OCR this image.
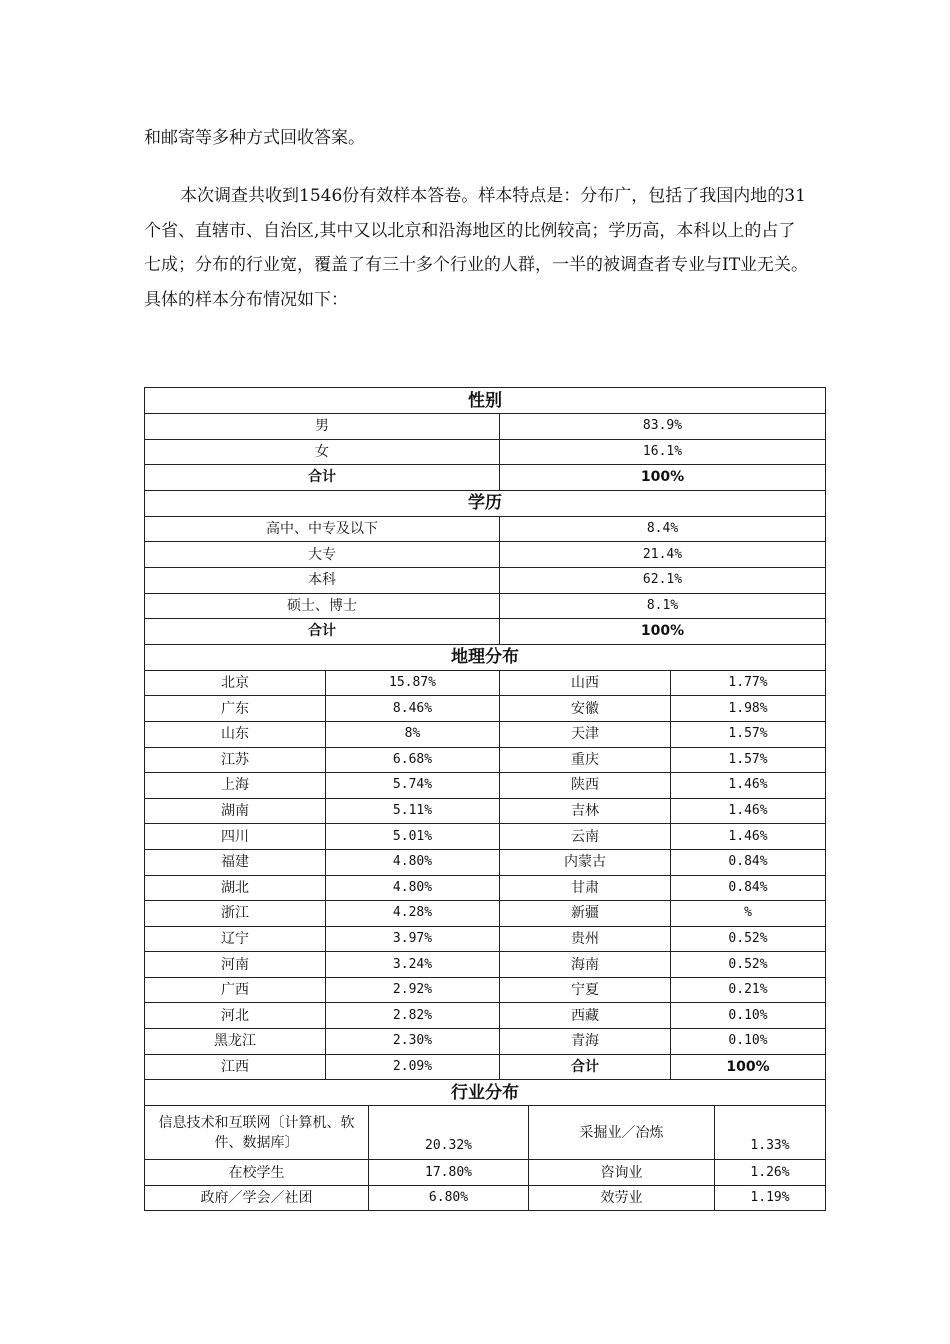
和邮寄等多种方式回收答案。
本次调查共收到1546份有效样本答卷。样本特点是：分布广，包括了我国内地的31个省、直辖市、自治区,其中又以北京和沿海地区的比例较高；学历高，本科以上的占了七成；分布的行业宽，覆盖了有三十多个行业的人群，一半的被调查者专业与IT业无关。具体的样本分布情况如下：
性别						
男			83.9%			
女			16.1%			
合计			100%			
学历						
高中、中专及以下			8.4%			
大专			21.4%			
本科			62.1%			
硕士、博士			8.1%			
合计			100%			
地理分布						
北京	15.87%		山西		1.77%	
广东	8.46%		安徽		1.98%	
山东	8%		天津		1.57%	
江苏	6.68%		重庆		1.57%	
上海	5.74%		陕西		1.46%	
湖南	5.11%		吉林		1.46%	
四川	5.01%		云南		1.46%	
福建	4.80%		内蒙古		0.84%	
湖北	4.80%		甘肃		0.84%	
浙江	4.28%		新疆		%	
辽宁	3.97%		贵州		0.52%	
河南	3.24%		海南		0.52%	
广西	2.92%		宁夏		0.21%	
河北	2.82%		西藏		0.10%	
黑龙江	2.30%		青海		0.10%	
江西	2.09%		合计		100%	
行业分布						
信息技术和互联网〔计算机、软件、数据库〕		20.32%		采掘业／冶炼		1.33%
在校学生		17.80%		咨询业		1.26%
政府／学会／社团		6.80%		效劳业		1.19%
